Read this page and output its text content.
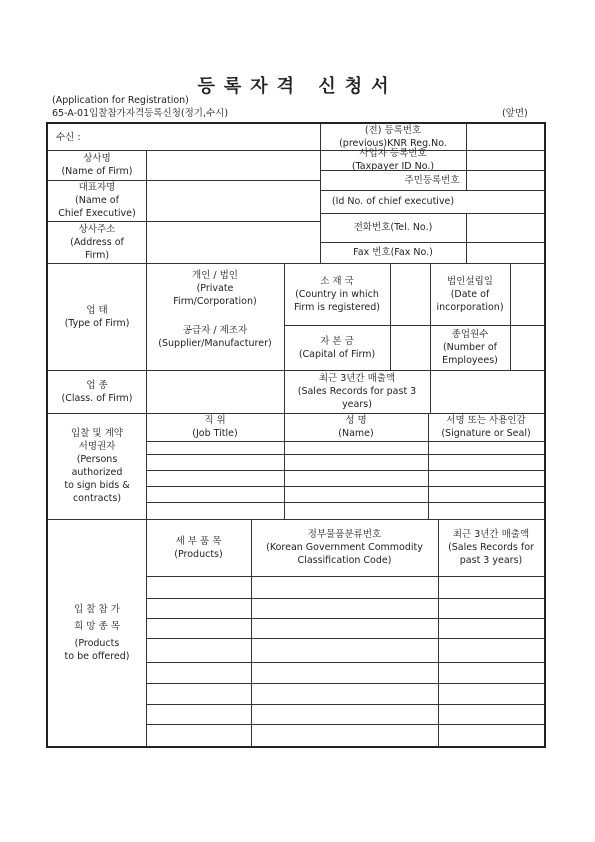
등록자격 신청서
(Application for Registration)
65-A-01입찰참가자격등록신청(정기,수시)	(앞면)
수신 :
(전) 등록번호
(previous)KNR Reg.No.
상사명
(Name of Firm)
사업자 등록번호
(Taxpayer ID No.)
대표자명
(Name of
Chief Executive)
주민등록번호
(Id No. of chief executive)
상사주소
(Address of
Firm)
전화번호(Tel. No.)
Fax 번호(Fax No.)
업 태
(Type of Firm)
개인 / 법인
(Private
Firm/Corporation)
공급자 / 제조자
(Supplier/Manufacturer)
소 재 국
(Country in which
Firm is registered)
법인설립일
(Date of
incorporation)
자 본 금
(Capital of Firm)
종업원수
(Number of
Employees)
업 종
(Class. of Firm)
최근 3년간 매출액
(Sales Records for past 3
years)
입찰 및 계약
서명권자
(Persons
authorized
to sign bids &
contracts)
직 위
(Job Title)
성 명
(Name)
서명 또는 사용인감
(Signature or Seal)
입 찰 참 가
희 망 종 목
(Products
to be offered)
세 부 품 목
(Products)
정부물품분류번호
(Korean Government Commodity
Classification Code)
최근 3년간 매출액
(Sales Records for
past 3 years)
